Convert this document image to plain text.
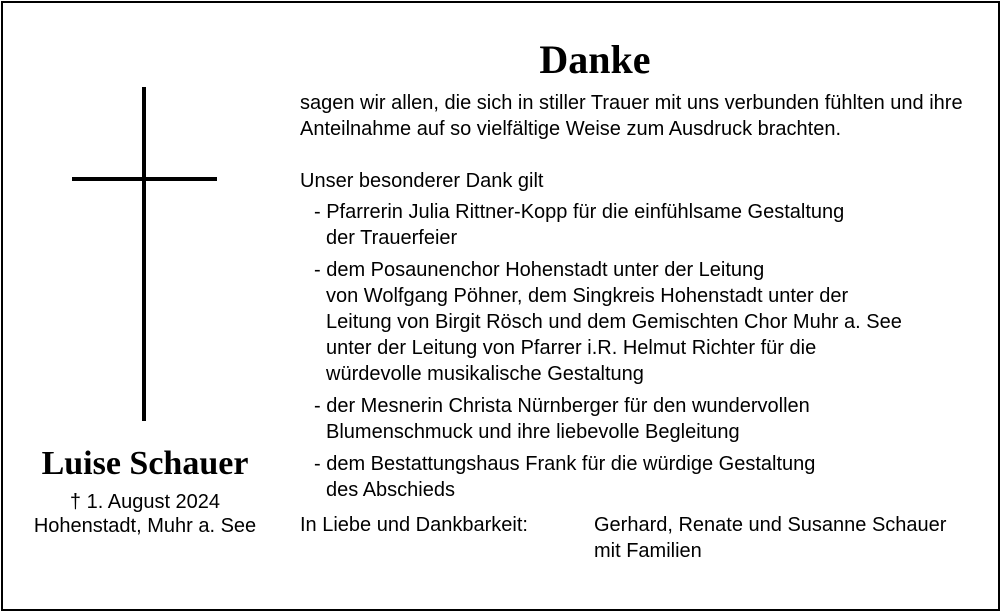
Luise Schauer
† 1. August 2024
Hohenstadt, Muhr a. See
Danke
sagen wir allen, die sich in stiller Trauer mit uns verbunden fühlten und ihre Anteilnahme auf so vielfältige Weise zum Ausdruck brachten.
Unser besonderer Dank gilt
- Pfarrerin Julia Rittner-Kopp für die einfühlsame Gestaltung
der Trauerfeier
- dem Posaunenchor Hohenstadt unter der Leitung
von Wolfgang Pöhner, dem Singkreis Hohenstadt unter der
Leitung von Birgit Rösch und dem Gemischten Chor Muhr a. See
unter der Leitung von Pfarrer i.R. Helmut Richter für die
würdevolle musikalische Gestaltung
- der Mesnerin Christa Nürnberger für den wundervollen
Blumenschmuck und ihre liebevolle Begleitung
- dem Bestattungshaus Frank für die würdige Gestaltung
des Abschieds
In Liebe und Dankbarkeit:	Gerhard, Renate und Susanne Schauer
mit Familien
